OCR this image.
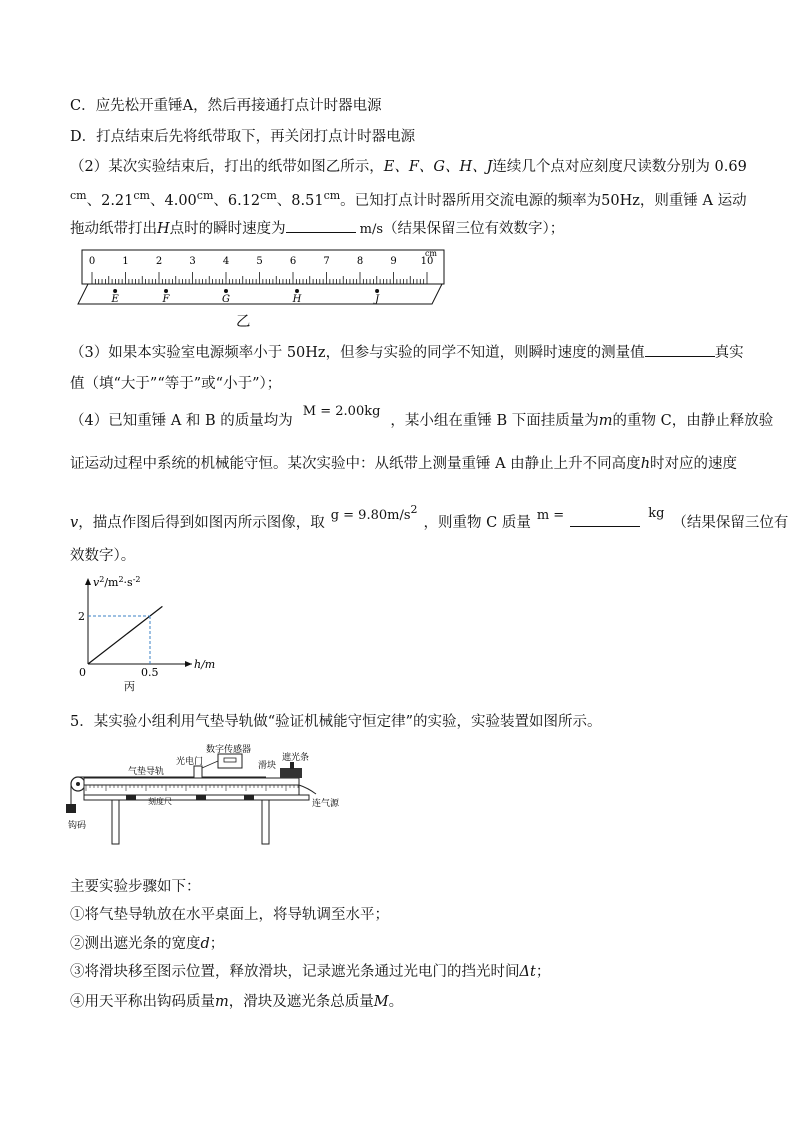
C．应先松开重锤A，然后再接通打点计时器电源
D．打点结束后先将纸带取下，再关闭打点计时器电源
（2）某次实验结束后，打出的纸带如图乙所示，E、F、G、H、J连续几个点对应刻度尺读数分别为 0.69
$^{cm}$、$2.21^{cm}$、$4.00^{cm}$、$6.12^{cm}$、$8.51^{cm}$。已知打点计时器所用交流电源的频率为50Hz，则重锤 A 运动
拖动纸带打出H点时的瞬时速度为	m/s（结果保留三位有效数字）；
0	1	2	3	4	5	6	7	8	9 10
cm
E	F	G	H	J
乙
（3）如果本实验室电源频率小于 50Hz，但参与实验的同学不知道，则瞬时速度的测量值	真实
值（填“大于”“等于”或“小于”）；
（4）已知重锤 A 和 B 的质量均为M = 2.00kg，某小组在重锤 B 下面挂质量为m的重物 C，由静止释放验
证运动过程中系统的机械能守恒。某次实验中：从纸带上测量重锤 A 由静止上升不同高度h时对应的速度
v，描点作图后得到如图丙所示图像，取 $g = 9.80m/s^2$，则重物 C 质量 m =	kg（结果保留三位有
效数字）。
2
0	0.5
h/m
$v^2/m^2\cdot s^{-2}$
丙
5．某实验小组利用气垫导轨做“验证机械能守恒定律”的实验，实验装置如图所示。
气垫导轨
光电门
数字传感器
滑块
遮光条
刻度尺	连气源
钩码
主要实验步骤如下：
①将气垫导轨放在水平桌面上，将导轨调至水平；
②测出遮光条的宽度d；
③将滑块移至图示位置，释放滑块，记录遮光条通过光电门的挡光时间Δt；
④用天平称出钩码质量m，滑块及遮光条总质量M。
